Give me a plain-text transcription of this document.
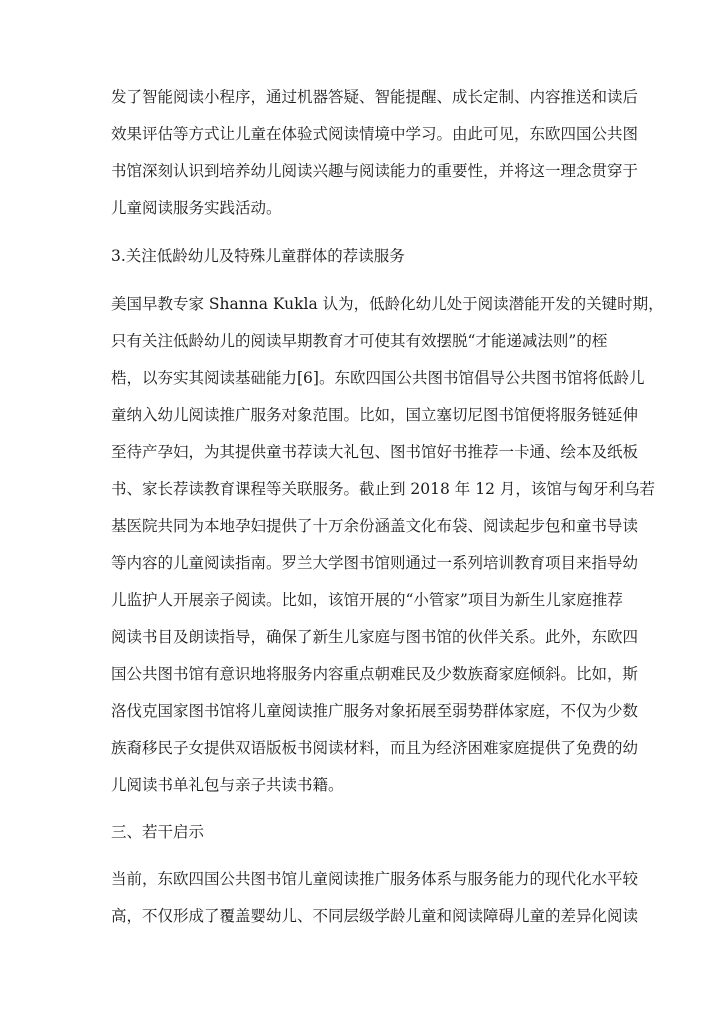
发了智能阅读小程序，通过机器答疑、智能提醒、成长定制、内容推送和读后
效果评估等方式让儿童在体验式阅读情境中学习。由此可见，东欧四国公共图
书馆深刻认识到培养幼儿阅读兴趣与阅读能力的重要性，并将这一理念贯穿于
儿童阅读服务实践活动。
3.关注低龄幼儿及特殊儿童群体的荐读服务
美国早教专家 Shanna Kukla 认为，低龄化幼儿处于阅读潜能开发的关键时期，
只有关注低龄幼儿的阅读早期教育才可使其有效摆脱“才能递减法则”的桎
梏，以夯实其阅读基础能力[6]。东欧四国公共图书馆倡导公共图书馆将低龄儿
童纳入幼儿阅读推广服务对象范围。比如，国立塞切尼图书馆便将服务链延伸
至待产孕妇，为其提供童书荐读大礼包、图书馆好书推荐一卡通、绘本及纸板
书、家长荐读教育课程等关联服务。截止到 2018 年 12 月，该馆与匈牙利乌若
基医院共同为本地孕妇提供了十万余份涵盖文化布袋、阅读起步包和童书导读
等内容的儿童阅读指南。罗兰大学图书馆则通过一系列培训教育项目来指导幼
儿监护人开展亲子阅读。比如，该馆开展的“小管家”项目为新生儿家庭推荐
阅读书目及朗读指导，确保了新生儿家庭与图书馆的伙伴关系。此外，东欧四
国公共图书馆有意识地将服务内容重点朝难民及少数族裔家庭倾斜。比如，斯
洛伐克国家图书馆将儿童阅读推广服务对象拓展至弱势群体家庭，不仅为少数
族裔移民子女提供双语版板书阅读材料，而且为经济困难家庭提供了免费的幼
儿阅读书单礼包与亲子共读书籍。
三、若干启示
当前，东欧四国公共图书馆儿童阅读推广服务体系与服务能力的现代化水平较
高，不仅形成了覆盖婴幼儿、不同层级学龄儿童和阅读障碍儿童的差异化阅读
